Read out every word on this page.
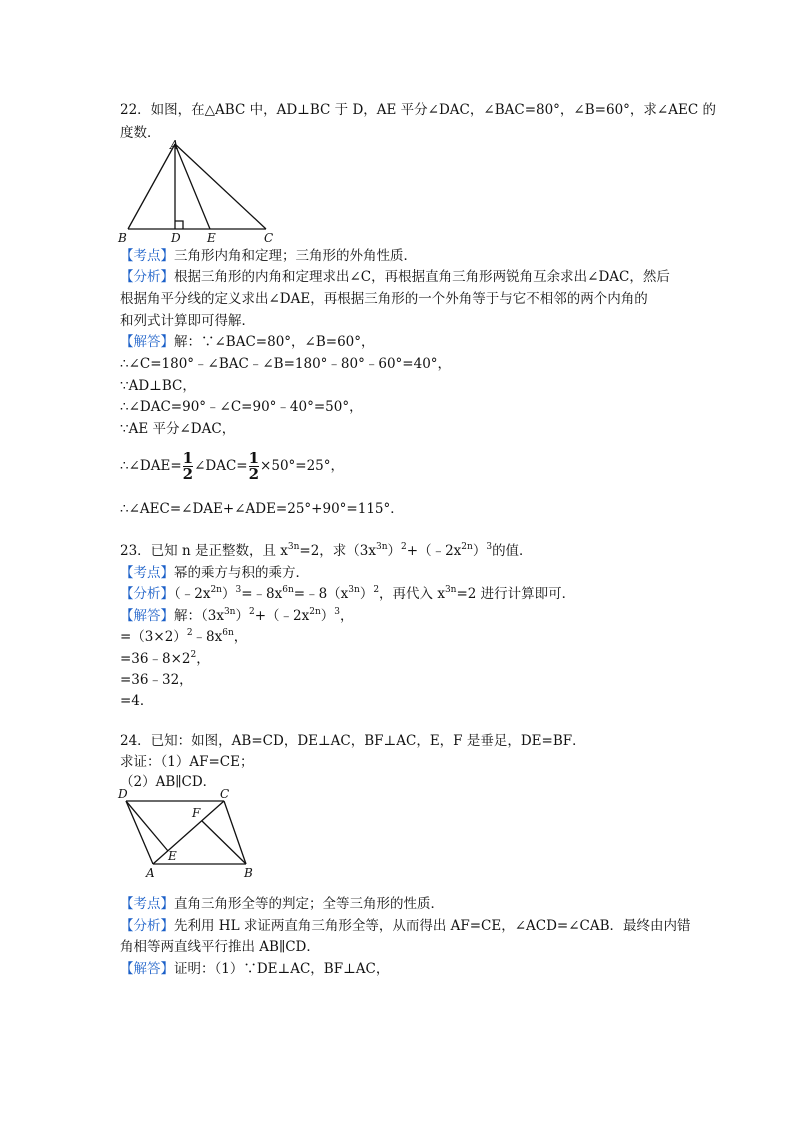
22．如图，在△ABC 中，AD⊥BC 于 D，AE 平分∠DAC，∠BAC=80°，∠B=60°，求∠AEC 的
度数．
A
B	D E	C
【考点】三角形内角和定理；三角形的外角性质．
【分析】根据三角形的内角和定理求出∠C，再根据直角三角形两锐角互余求出∠DAC，然后
根据角平分线的定义求出∠DAE，再根据三角形的一个外角等于与它不相邻的两个内角的
和列式计算即可得解．
【解答】解：∵∠BAC=80°，∠B=60°，
∴∠C=180°﹣∠BAC﹣∠B=180°﹣80°﹣60°=40°，
∵AD⊥BC，
∴∠DAC=90°﹣∠C=90°﹣40°=50°，
∵AE 平分∠DAC，
∴∠DAE= $\frac{1}{2}$ ∠DAC= $\frac{1}{2} \times 50^\circ=25^\circ$，
∴∠AEC=∠DAE+∠ADE=25°+90°=115°．
23．已知 n 是正整数，且 $x^{3n}=2$，求$(3x^{3n})^2+(﹣2x^{2n})^3$的值．
【考点】幂的乘方与积的乘方．
【分析】$(﹣2x^{2n})^3=﹣8x^{6n}=﹣8(x^{3n})^2$，再代入 $x^{3n}=2$ 进行计算即可．
【解答】解：$(3x^{3n})^2+(﹣2x^{2n})^3$，
$=(3\times 2)^2﹣8x^{6n}$，
$=36﹣8\times 2^2$，
=36﹣32，
=4．
24．已知：如图，AB=CD，DE⊥AC，BF⊥AC，E，F 是垂足，DE=BF．
求证：（1）AF=CE；
（2）AB∥CD．
D	C
F
E
A	B
【考点】直角三角形全等的判定；全等三角形的性质．
【分析】先利用 HL 求证两直角三角形全等，从而得出 AF=CE，∠ACD=∠CAB．最终由内错
角相等两直线平行推出 AB∥CD．
【解答】证明：（1）∵DE⊥AC，BF⊥AC，
